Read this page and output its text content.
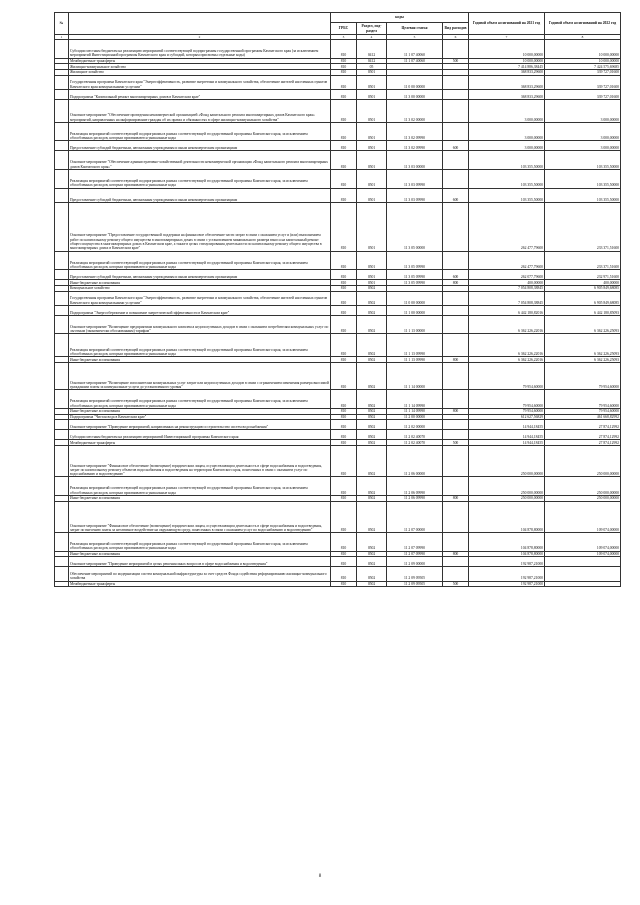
№		коды				Годовой объем ассигнований на 2021 год	Годовой объем ассигнований на 2022 год
		ГРБС	Раздел, под-раздел	Целевая статья	Вид расходов		
1	2	3	4	5	6	7	8
	Субсидии местным бюджетам на реализацию мероприятий соответствующей подпрограммы государственной программы Камчатского края (за исключением мероприятий Инвестиционной программы Камчатского края и субсидий, которым присвоены отдельные коды)	810	0412	11 1 07 40060		10 000,00000	10 000,00000
	Межбюджетные трансферты	810	0412	11 1 07 40060	500	10 000,00000	10 000,00000
	Жилищно-коммунальное хозяйство	810	05			7 414 886,38445	7 424 575,69685
	Жилищное хозяйство	810	0501			368 833,29600	339 727,01600
	Государственная программа Камчатского края "Энергоэффективность, развитие энергетики и коммунального хозяйства, обеспечение жителей населенных пунктов Камчатского края коммунальными услугами"	810	0501	11 0 00 00000		368 833,29600	339 727,01600
	Подпрограмма "Капитальный ремонт многоквартирных домов в Камчатском крае"	810	0501	11 3 00 00000		368 833,29600	339 727,01600
	Основное мероприятие "Обеспечение проведения некоммерческой организацией «Фонд капитального ремонта многоквартирных домов Камчатского края» мероприятий, направленных на информирование граждан об их правах и обязанностях в сфере жилищно-коммунального хозяйства"	810	0501	11 3 02 00000		3 000,00000	3 000,00000
	Реализация мероприятий соответствующей подпрограммы в рамках соответствующей государственной программы Камчатского края, за исключением обособленных расходов, которым присваиваются уникальные коды	810	0501	11 3 02 09990		3 000,00000	3 000,00000
	Предоставление субсидий бюджетным, автономным учреждениям и иным некоммерческим организациям	810	0501	11 3 02 09990	600	3 000,00000	3 000,00000
	Основное мероприятие "Обеспечение административно-хозяйственной деятельности некоммерческой организации «Фонд капитального ремонта многоквартирных домов Камчатского края»"	810	0501	11 3 03 00000		103 355,50000	103 355,50000
	Реализация мероприятий соответствующей подпрограммы в рамках соответствующей государственной программы Камчатского края, за исключением обособленных расходов, которым присваиваются уникальные коды	810	0501	11 3 03 09990		103 355,50000	103 355,50000
	Предоставление субсидий бюджетным, автономным учреждениям и иным некоммерческим организациям	810	0501	11 3 03 09990	600	103 355,50000	103 355,50000
	Основное мероприятие "Предоставление государственной поддержки на финансовое обеспечение части затрат в связи с оказанием услуг и (или) выполнением работ по капитальному ремонту общего имущества в многоквартирных домах в связи с установлением минимального размера взноса на капитальный ремонт общего имущества в многоквартирных домах в Камчатском крае, а также в целях стимулирования деятельности по капитальному ремонту общего имущества в многоквартирных домах в Камчатском крае"	810	0501	11 3 05 00000		262 477,79600	233 371,51600
	Реализация мероприятий соответствующей подпрограммы в рамках соответствующей государственной программы Камчатского края, за исключением обособленных расходов, которым присваиваются уникальные коды	810	0501	11 3 05 09990		262 477,79600	233 371,51600
	Предоставление субсидий бюджетным, автономным учреждениям и иным некоммерческим организациям	810	0501	11 3 05 09990	600	262 077,79600	232 971,51600
	Иные бюджетные ассигнования	810	0501	11 3 05 09990	800	400,00000	400,00000
	Коммунальное хозяйство	810	0502			7 054 808,38845	6 905 849,68085
	Государственная программа Камчатского края "Энергоэффективность, развитие энергетики и коммунального хозяйства, обеспечение жителей населенных пунктов Камчатского края коммунальными услугами"	810	0502	11 0 00 00000		7 054 808,38845	6 905 849,68085
	Подпрограмма "Энергосбережение и повышение энергетической эффективности в Камчатском крае"	810	0502	11 1 00 00000		6 442 180,82016	6 442 180,85093
	Основное мероприятие "Возмещение предприятиям коммунального комплекса недополученных доходов в связи с оказанием потребителям коммунальных услуг по льготным (экономически обоснованным) тарифам"	810	0502	11 1 13 00000		6 362 226,22016	6 362 226,25093
	Реализация мероприятий соответствующей подпрограммы в рамках соответствующей государственной программы Камчатского края, за исключением обособленных расходов, которым присваиваются уникальные коды	810	0502	11 1 13 09990		6 362 226,22016	6 362 226,25093
	Иные бюджетные ассигнования	810	0502	11 1 13 09990	800	6 362 226,22016	6 362 226,25093
	Основное мероприятие "Возмещение исполнителям коммунальных услуг затрат или недополученных доходов в связи с ограничением изменения размера вносимой гражданами платы за коммунальные услуги до установленного уровня"	810	0502	11 1 14 00000		79 954,60000	79 954,60000
	Реализация мероприятий соответствующей подпрограммы в рамках соответствующей государственной программы Камчатского края, за исключением обособленных расходов, которым присваиваются уникальные коды	810	0502	11 1 14 09990		79 954,60000	79 954,60000
	Иные бюджетные ассигнования	810	0502	11 1 14 09990	800	79 954,60000	79 954,60000
	Подпрограмма "Чистая вода в Камчатском крае"	810	0502	11 2 00 00000		612 627,56829	461 668,82992
	Основное мероприятие "Проведение мероприятий, направленных на реконструкцию и строительство систем водоснабжения"	810	0502	11 2 02 00000		14 944,18455	27 874,12992
	Субсидии местным бюджетам на реализацию мероприятий Инвестиционной программы Камчатского края	810	0502	11 2 02 40070		14 944,18455	27 874,12992
	Межбюджетные трансферты	810	0502	11 2 02 40070	500	14 944,18455	27 874,12992
	Основное мероприятие "Финансовое обеспечение (возмещение) юридическим лицам, осуществляющим деятельность в сфере водоснабжения и водоотведения, затрат по капитальному ремонту объектов водоснабжения и водоотведения на территории Камчатского края, понесенных в связи с оказанием услуг по водоснабжению и водоотведению"	810	0502	11 2 06 00000		250 000,00000	250 000,00000
	Реализация мероприятий соответствующей подпрограммы в рамках соответствующей государственной программы Камчатского края, за исключением обособленных расходов, которым присваиваются уникальные коды	810	0502	11 2 06 09990		250 000,00000	250 000,00000
	Иные бюджетные ассигнования	810	0502	11 2 06 09990	800	250 000,00000	250 000,00000
	Основное мероприятие "Финансовое обеспечение (возмещение) юридическим лицам, осуществляющим деятельность в сфере водоснабжения и водоотведения, затрат по внесению платы за негативное воздействие на окружающую среду, понесенных в связи с оказанием услуг по водоснабжению и водоотведению"	810	0502	11 2 07 00000		104 878,80000	109 074,00000
	Реализация мероприятий соответствующей подпрограммы в рамках соответствующей государственной программы Камчатского края, за исключением обособленных расходов, которым присваиваются уникальные коды	810	0502	11 2 07 09990		104 878,80000	109 074,00000
	Иные бюджетные ассигнования	810	0502	11 2 07 09990	800	104 878,80000	109 074,00000
	Основное мероприятие "Проведение мероприятий в целях решения иных вопросов в сфере водоснабжения и водоотведения"	810	0502	11 2 09 00000		192 987,21000	
	Обеспечение мероприятий по модернизации систем коммунальной инфраструктуры за счет средств Фонда содействия реформированию жилищно-коммунального хозяйства	810	0502	11 2 09 09505		192 987,21000	
	Межбюджетные трансферты	810	0502	11 2 09 09505	500	192 987,21000	
8
